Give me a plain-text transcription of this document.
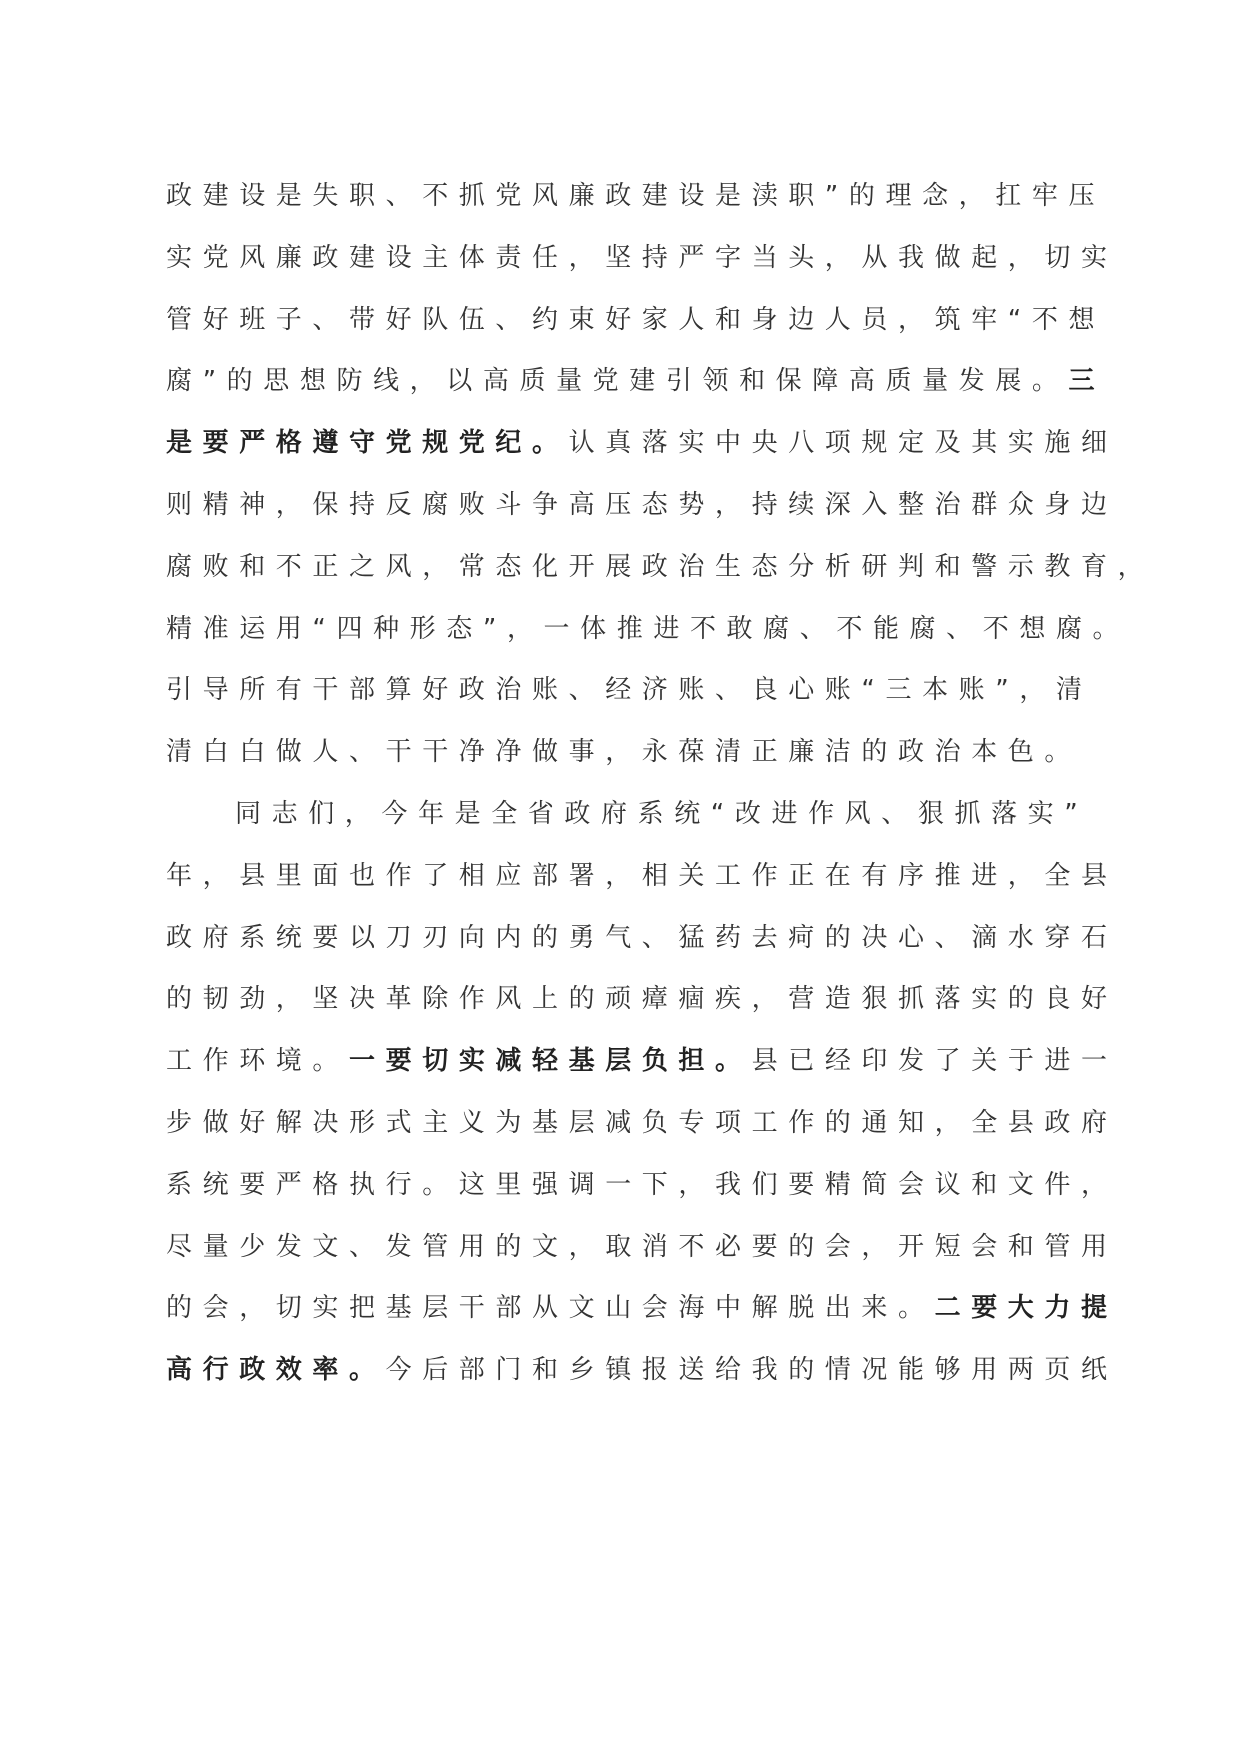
政建设是失职、不抓党风廉政建设是渎职”的理念，扛牢压
实党风廉政建设主体责任，坚持严字当头，从我做起，切实
管好班子、带好队伍、约束好家人和身边人员，筑牢“不想
腐”的思想防线，以高质量党建引领和保障高质量发展。三
是要严格遵守党规党纪。认真落实中央八项规定及其实施细
则精神，保持反腐败斗争高压态势，持续深入整治群众身边
腐败和不正之风，常态化开展政治生态分析研判和警示教育，
精准运用“四种形态”，一体推进不敢腐、不能腐、不想腐。
引导所有干部算好政治账、经济账、良心账“三本账”，清
清白白做人、干干净净做事，永葆清正廉洁的政治本色。
同志们，今年是全省政府系统“改进作风、狠抓落实”
年，县里面也作了相应部署，相关工作正在有序推进，全县
政府系统要以刀刃向内的勇气、猛药去疴的决心、滴水穿石
的韧劲，坚决革除作风上的顽瘴痼疾，营造狠抓落实的良好
工作环境。一要切实减轻基层负担。县已经印发了关于进一
步做好解决形式主义为基层减负专项工作的通知，全县政府
系统要严格执行。这里强调一下，我们要精简会议和文件，
尽量少发文、发管用的文，取消不必要的会，开短会和管用
的会，切实把基层干部从文山会海中解脱出来。二要大力提
高行政效率。今后部门和乡镇报送给我的情况能够用两页纸
